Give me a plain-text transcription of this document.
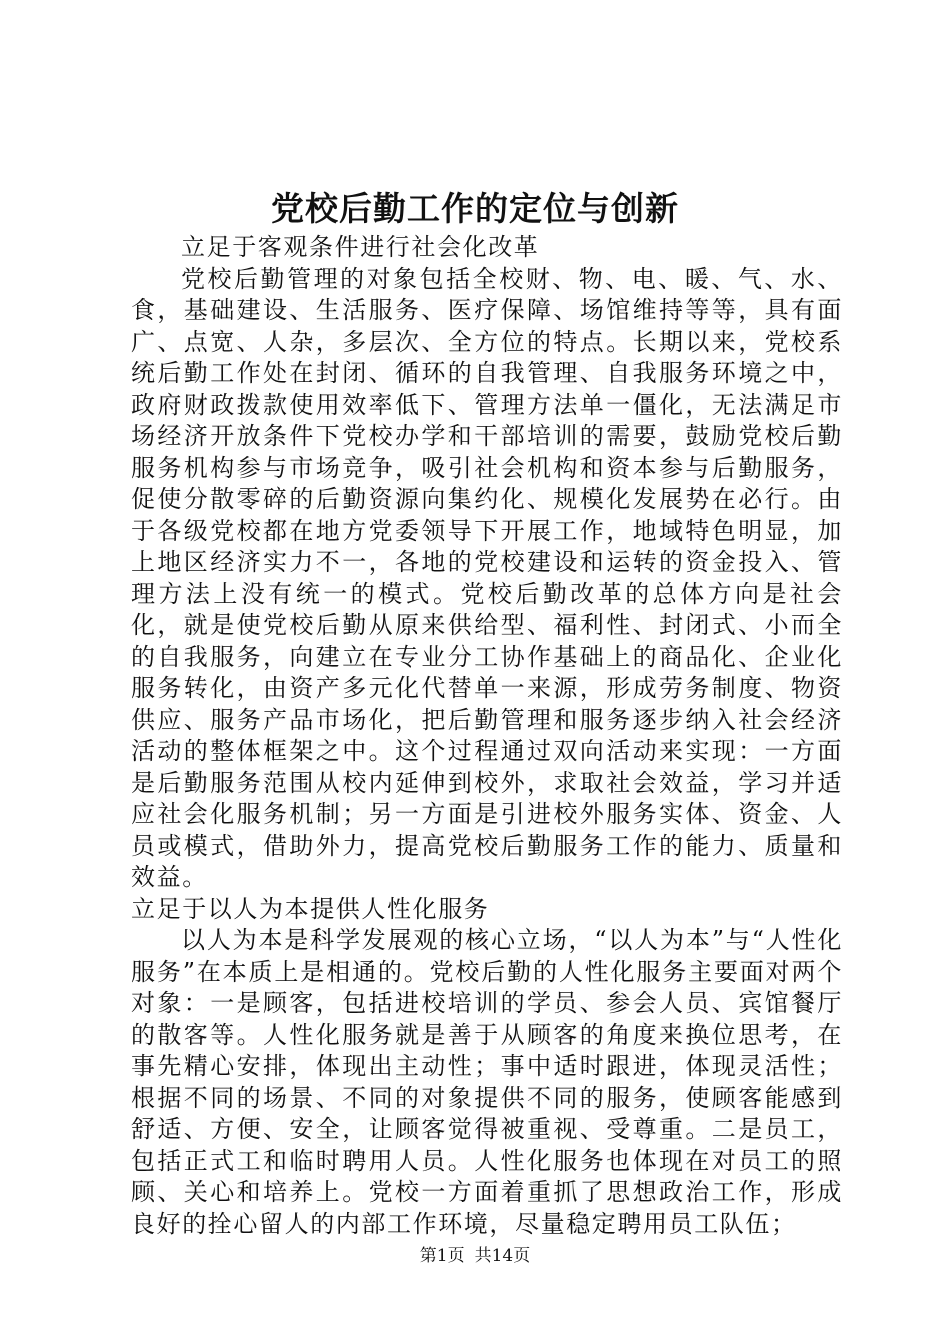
党校后勤工作的定位与创新

立足于客观条件进行社会化改革

党校后勤管理的对象包括全校财、物、电、暖、气、水、食，基础建设、生活服务、医疗保障、场馆维持等等，具有面广、点宽、人杂，多层次、全方位的特点。长期以来，党校系统后勤工作处在封闭、循环的自我管理、自我服务环境之中，政府财政拨款使用效率低下、管理方法单一僵化，无法满足市场经济开放条件下党校办学和干部培训的需要，鼓励党校后勤服务机构参与市场竞争，吸引社会机构和资本参与后勤服务，促使分散零碎的后勤资源向集约化、规模化发展势在必行。由于各级党校都在地方党委领导下开展工作，地域特色明显，加上地区经济实力不一，各地的党校建设和运转的资金投入、管理方法上没有统一的模式。党校后勤改革的总体方向是社会化，就是使党校后勤从原来供给型、福利性、封闭式、小而全的自我服务，向建立在专业分工协作基础上的商品化、企业化服务转化，由资产多元化代替单一来源，形成劳务制度、物资供应、服务产品市场化，把后勤管理和服务逐步纳入社会经济活动的整体框架之中。这个过程通过双向活动来实现：一方面是后勤服务范围从校内延伸到校外，求取社会效益，学习并适应社会化服务机制；另一方面是引进校外服务实体、资金、人员或模式，借助外力，提高党校后勤服务工作的能力、质量和效益。

立足于以人为本提供人性化服务

以人为本是科学发展观的核心立场，“以人为本”与“人性化服务”在本质上是相通的。党校后勤的人性化服务主要面对两个对象：一是顾客，包括进校培训的学员、参会人员、宾馆餐厅的散客等。人性化服务就是善于从顾客的角度来换位思考，在事先精心安排，体现出主动性；事中适时跟进，体现灵活性；根据不同的场景、不同的对象提供不同的服务，使顾客能感到舒适、方便、安全，让顾客觉得被重视、受尊重。二是员工，包括正式工和临时聘用人员。人性化服务也体现在对员工的照顾、关心和培养上。党校一方面着重抓了思想政治工作，形成良好的拴心留人的内部工作环境，尽量稳定聘用员工队伍；

第1页 共14页
